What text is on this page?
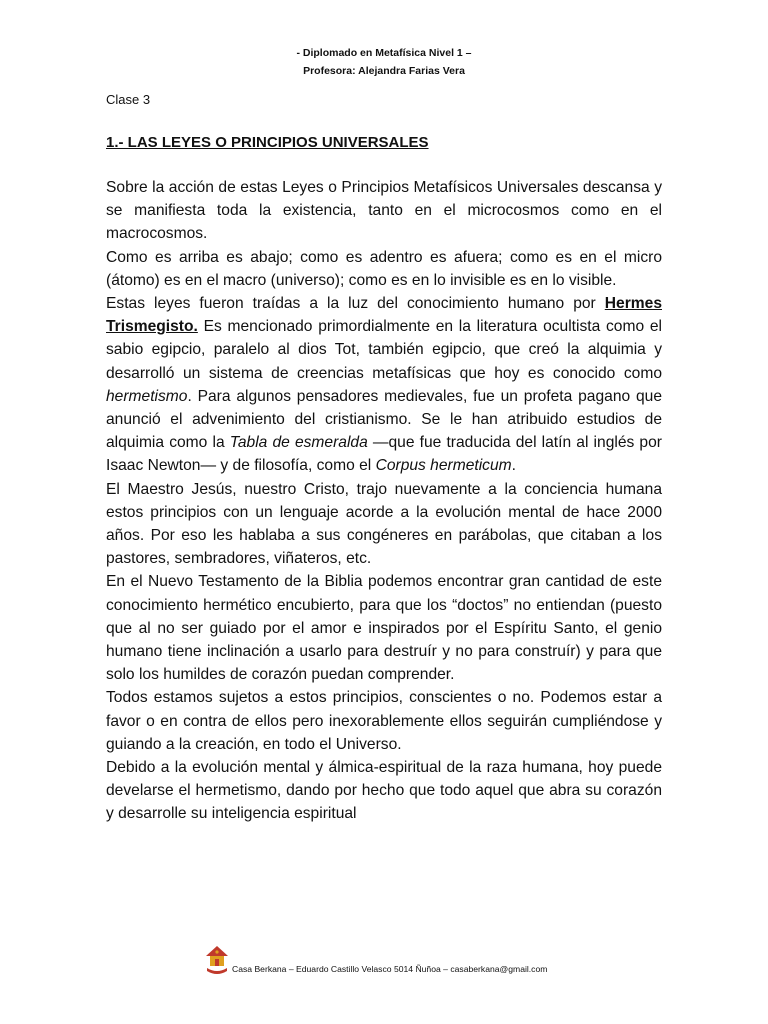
- Diplomado en Metafísica Nivel 1 –
Profesora: Alejandra Farias Vera
Clase 3
1.- LAS LEYES O PRINCIPIOS UNIVERSALES

Sobre la acción de estas Leyes o Principios Metafísicos Universales descansa y se manifiesta toda la existencia, tanto en el microcosmos como en el macrocosmos.

Como es arriba es abajo; como es adentro es afuera; como es en el micro (átomo) es en el macro (universo); como es en lo invisible es en lo visible.

Estas leyes fueron traídas a la luz del conocimiento humano por Hermes Trismegisto. Es mencionado primordialmente en la literatura ocultista como el sabio egipcio, paralelo al dios Tot, también egipcio, que creó la alquimia y desarrolló un sistema de creencias metafísicas que hoy es conocido como hermetismo. Para algunos pensadores medievales, fue un profeta pagano que anunció el advenimiento del cristianismo. Se le han atribuido estudios de alquimia como la Tabla de esmeralda —que fue traducida del latín al inglés por Isaac Newton— y de filosofía, como el Corpus hermeticum.

El Maestro Jesús, nuestro Cristo, trajo nuevamente a la conciencia humana estos principios con un lenguaje acorde a la evolución mental de hace 2000 años. Por eso les hablaba a sus congéneres en parábolas, que citaban a los pastores, sembradores, viñateros, etc.

En el Nuevo Testamento de la Biblia podemos encontrar gran cantidad de este conocimiento hermético encubierto, para que los “doctos” no entiendan (puesto que al no ser guiado por el amor e inspirados por el Espíritu Santo, el genio humano tiene inclinación a usarlo para destruír y no para construír) y para que solo los humildes de corazón puedan comprender.

Todos estamos sujetos a estos principios, conscientes o no. Podemos estar a favor o en contra de ellos pero inexorablemente ellos seguirán cumpliéndose y guiando a la creación, en todo el Universo.

Debido a la evolución mental y álmica-espiritual de la raza humana, hoy puede develarse el hermetismo, dando por hecho que todo aquel que abra su corazón y desarrolle su inteligencia espiritual

Casa Berkana – Eduardo Castillo Velasco 5014 Ñuñoa – casaberkana@gmail.com
